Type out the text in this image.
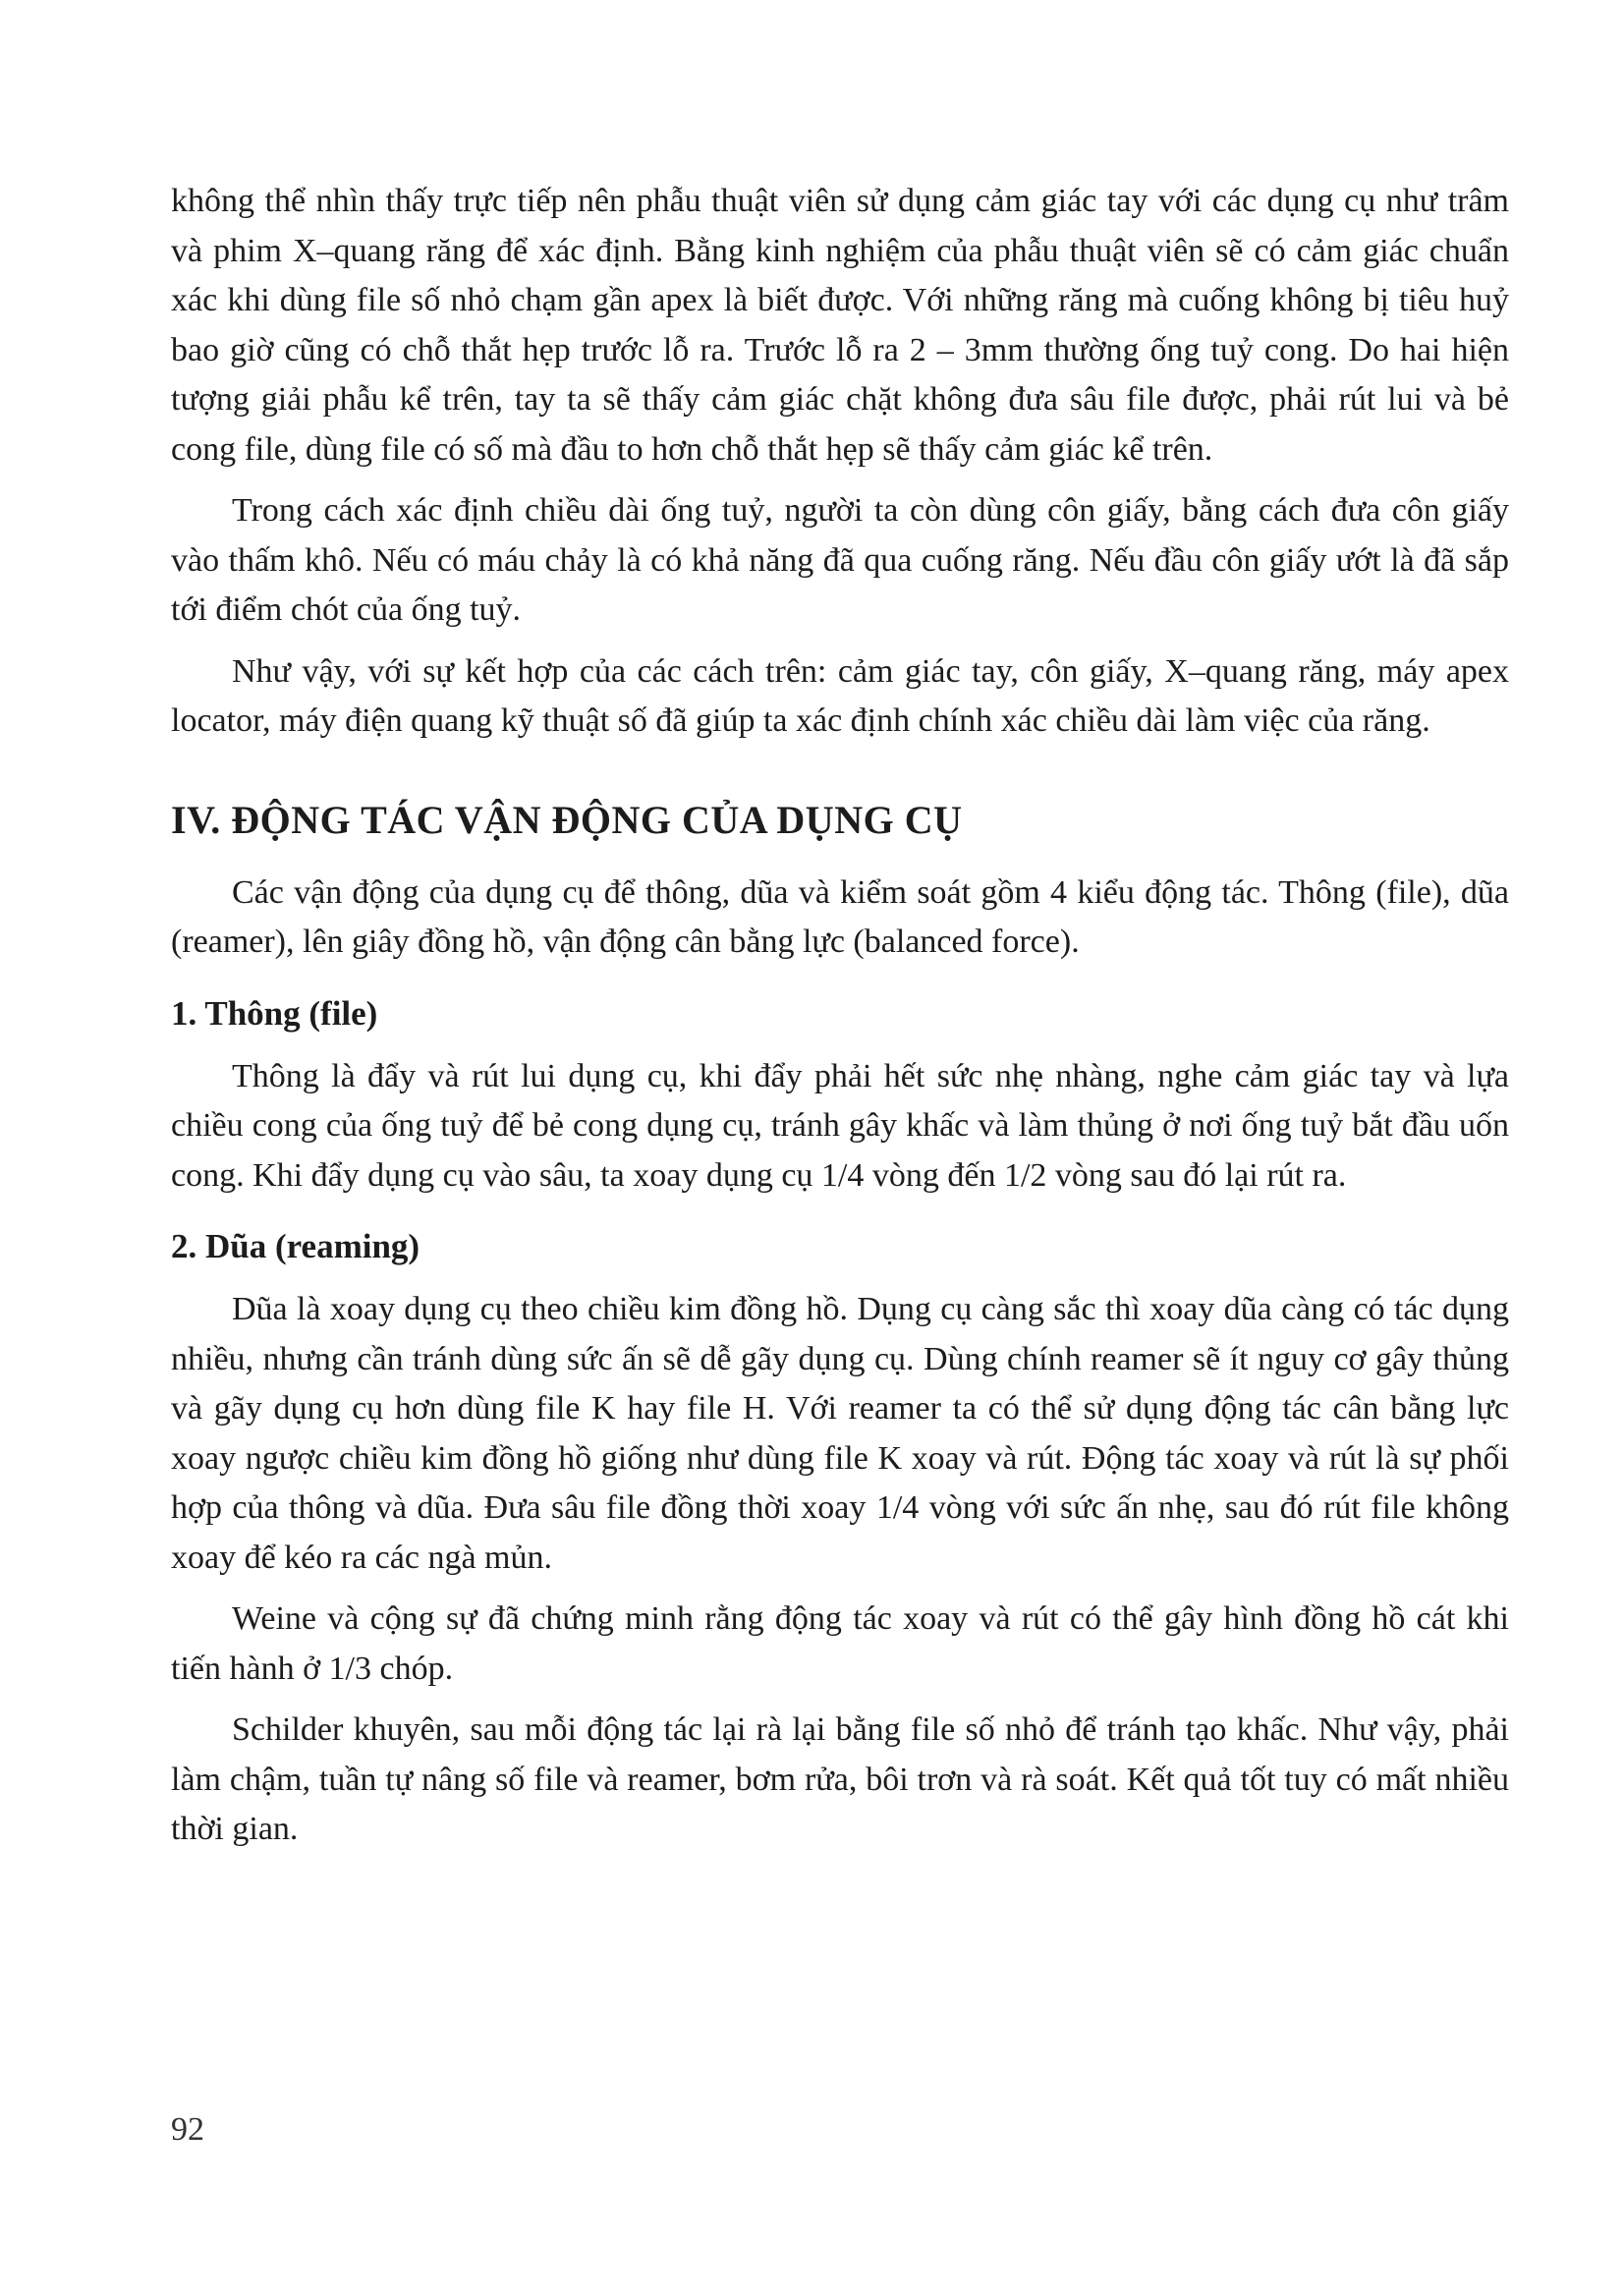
không thể nhìn thấy trực tiếp nên phẫu thuật viên sử dụng cảm giác tay với các dụng cụ như trâm và phim X–quang răng để xác định. Bằng kinh nghiệm của phẫu thuật viên sẽ có cảm giác chuẩn xác khi dùng file số nhỏ chạm gần apex là biết được. Với những răng mà cuống không bị tiêu huỷ bao giờ cũng có chỗ thắt hẹp trước lỗ ra. Trước lỗ ra 2 – 3mm thường ống tuỷ cong. Do hai hiện tượng giải phẫu kể trên, tay ta sẽ thấy cảm giác chặt không đưa sâu file được, phải rút lui và bẻ cong file, dùng file có số mà đầu to hơn chỗ thắt hẹp sẽ thấy cảm giác kể trên.

Trong cách xác định chiều dài ống tuỷ, người ta còn dùng côn giấy, bằng cách đưa côn giấy vào thấm khô. Nếu có máu chảy là có khả năng đã qua cuống răng. Nếu đầu côn giấy ướt là đã sắp tới điểm chót của ống tuỷ.

Như vậy, với sự kết hợp của các cách trên: cảm giác tay, côn giấy, X–quang răng, máy apex locator, máy điện quang kỹ thuật số đã giúp ta xác định chính xác chiều dài làm việc của răng.

IV. ĐỘNG TÁC VẬN ĐỘNG CỦA DỤNG CỤ

Các vận động của dụng cụ để thông, dũa và kiểm soát gồm 4 kiểu động tác. Thông (file), dũa (reamer), lên giây đồng hồ, vận động cân bằng lực (balanced force).

1. Thông (file)

Thông là đẩy và rút lui dụng cụ, khi đẩy phải hết sức nhẹ nhàng, nghe cảm giác tay và lựa chiều cong của ống tuỷ để bẻ cong dụng cụ, tránh gây khấc và làm thủng ở nơi ống tuỷ bắt đầu uốn cong. Khi đẩy dụng cụ vào sâu, ta xoay dụng cụ 1/4 vòng đến 1/2 vòng sau đó lại rút ra.

2. Dũa (reaming)

Dũa là xoay dụng cụ theo chiều kim đồng hồ. Dụng cụ càng sắc thì xoay dũa càng có tác dụng nhiều, nhưng cần tránh dùng sức ấn sẽ dễ gãy dụng cụ. Dùng chính reamer sẽ ít nguy cơ gây thủng và gãy dụng cụ hơn dùng file K hay file H. Với reamer ta có thể sử dụng động tác cân bằng lực xoay ngược chiều kim đồng hồ giống như dùng file K xoay và rút. Động tác xoay và rút là sự phối hợp của thông và dũa. Đưa sâu file đồng thời xoay 1/4 vòng với sức ấn nhẹ, sau đó rút file không xoay để kéo ra các ngà mủn.

Weine và cộng sự đã chứng minh rằng động tác xoay và rút có thể gây hình đồng hồ cát khi tiến hành ở 1/3 chóp.

Schilder khuyên, sau mỗi động tác lại rà lại bằng file số nhỏ để tránh tạo khấc. Như vậy, phải làm chậm, tuần tự nâng số file và reamer, bơm rửa, bôi trơn và rà soát. Kết quả tốt tuy có mất nhiều thời gian.

92
